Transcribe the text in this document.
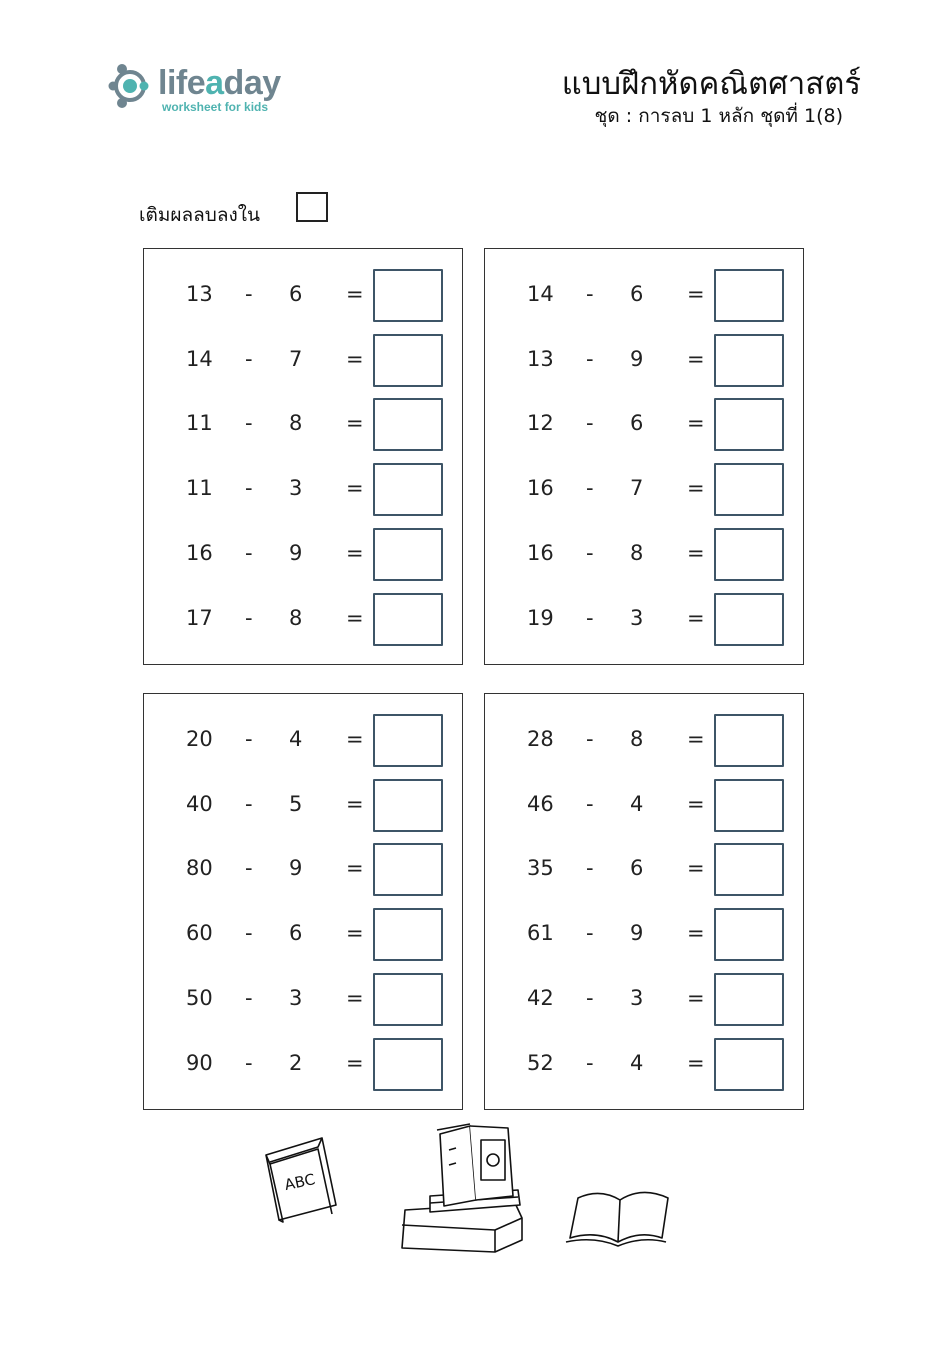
lifeaday
worksheet for kids
แบบฝึกหัดคณิตศาสตร์
ชุด : การลบ 1 หลัก ชุดที่ 1(8)
เติมผลลบลงใน
13 - 6 =
14 - 7 =
11 - 8 =
11 - 3 =
16 - 9 =
17 - 8 =
14 - 6 =
13 - 9 =
12 - 6 =
16 - 7 =
16 - 8 =
19 - 3 =
20 - 4 =
40 - 5 =
80 - 9 =
60 - 6 =
50 - 3 =
90 - 2 =
28 - 8 =
46 - 4 =
35 - 6 =
61 - 9 =
42 - 3 =
52 - 4 =
ABC
